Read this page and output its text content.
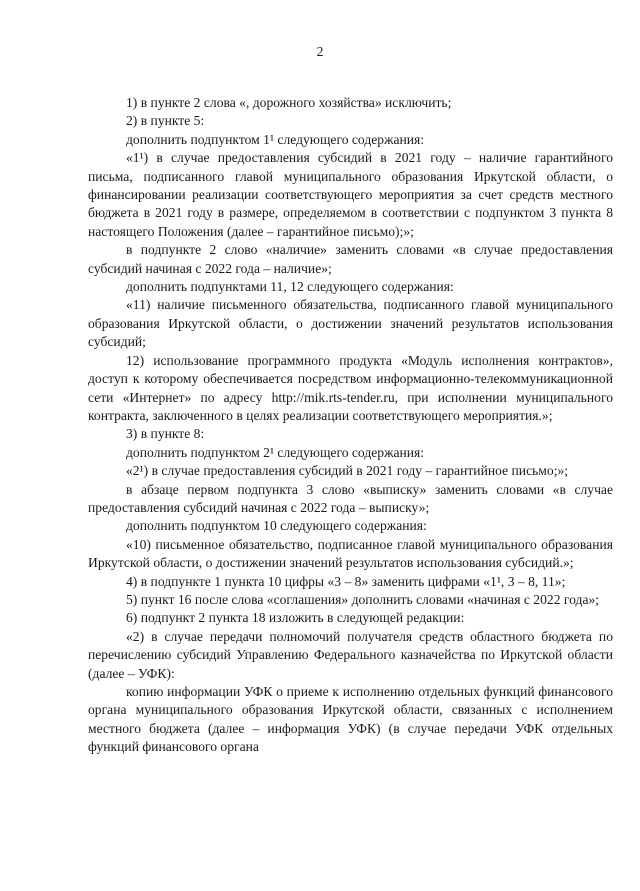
2

1) в пункте 2 слова «, дорожного хозяйства» исключить;

2) в пункте 5:

дополнить подпунктом 1¹ следующего содержания:

«1¹) в случае предоставления субсидий в 2021 году – наличие гарантийного письма, подписанного главой муниципального образования Иркутской области, о финансировании реализации соответствующего мероприятия за счет средств местного бюджета в 2021 году в размере, определяемом в соответствии с подпунктом 3 пункта 8 настоящего Положения (далее – гарантийное письмо);»;

в подпункте 2 слово «наличие» заменить словами «в случае предоставления субсидий начиная с 2022 года – наличие»;

дополнить подпунктами 11, 12 следующего содержания:

«11) наличие письменного обязательства, подписанного главой муниципального образования Иркутской области, о достижении значений результатов использования субсидий;

12) использование программного продукта «Модуль исполнения контрактов», доступ к которому обеспечивается посредством информационно-телекоммуникационной сети «Интернет» по адресу http://mik.rts-tender.ru, при исполнении муниципального контракта, заключенного в целях реализации соответствующего мероприятия.»;

3) в пункте 8:

дополнить подпунктом 2¹ следующего содержания:

«2¹) в случае предоставления субсидий в 2021 году – гарантийное письмо;»;

в абзаце первом подпункта 3 слово «выписку» заменить словами «в случае предоставления субсидий начиная с 2022 года – выписку»;

дополнить подпунктом 10 следующего содержания:

«10) письменное обязательство, подписанное главой муниципального образования Иркутской области, о достижении значений результатов использования субсидий.»;

4) в подпункте 1 пункта 10 цифры «3 – 8» заменить цифрами «1¹, 3 – 8, 11»;

5) пункт 16 после слова «соглашения» дополнить словами «начиная с 2022 года»;

6) подпункт 2 пункта 18 изложить в следующей редакции:

«2) в случае передачи полномочий получателя средств областного бюджета по перечислению субсидий Управлению Федерального казначейства по Иркутской области (далее – УФК):

копию информации УФК о приеме к исполнению отдельных функций финансового органа муниципального образования Иркутской области, связанных с исполнением местного бюджета (далее – информация УФК) (в случае передачи УФК отдельных функций финансового органа
